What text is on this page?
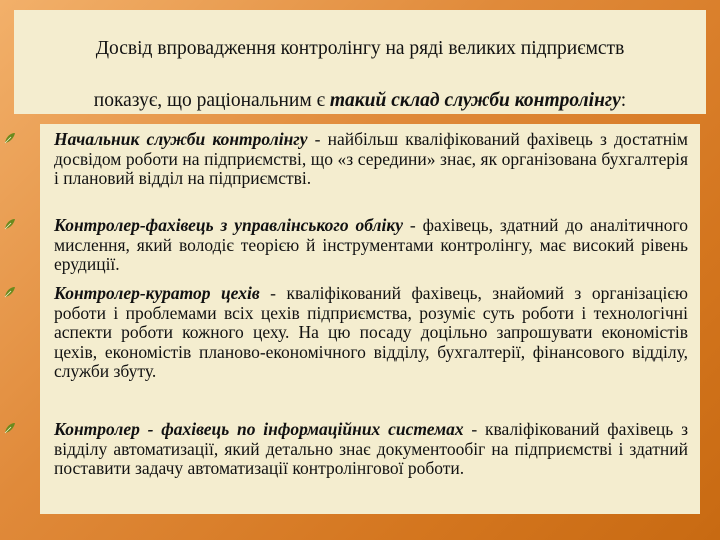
Досвід впровадження контролінгу на ряді великих підприємств
показує, що раціональним є такий склад служби контролінгу:
Начальник служби контролінгу - найбільш кваліфікований фахівець з достатнім досвідом роботи на підприємстві, що «з середини» знає, як організована бухгалтерія і плановий відділ на підприємстві.
Контролер-фахівець з управлінського обліку - фахівець, здатний до аналітичного мислення, який володіє теорією й інструментами контролінгу, має високий рівень ерудиції.
Контролер-куратор цехів - кваліфікований фахівець, знайомий з організацією роботи і проблемами всіх цехів підприємства, розуміє суть роботи і технологічні аспекти роботи кожного цеху. На цю посаду доцільно запрошувати економістів цехів, економістів планово-економічного відділу, бухгалтерії, фінансового відділу, служби збуту.
Контролер - фахівець по інформаційних системах - кваліфікований фахівець з відділу автоматизації, який детально знає документообіг на підприємстві і здатний поставити задачу автоматизації контролінгової роботи.
